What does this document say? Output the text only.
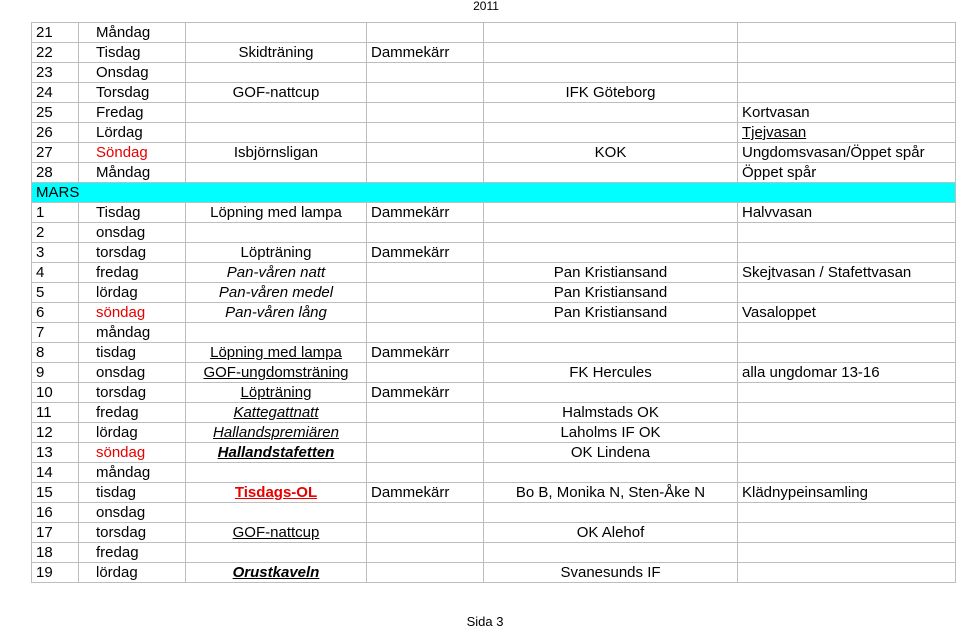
2011
21	Måndag				
22	Tisdag	Skidträning	Dammekärr		
23	Onsdag				
24	Torsdag	GOF-nattcup		IFK Göteborg	
25	Fredag				Kortvasan
26	Lördag				Tjejvasan
27	Söndag	Isbjörnsligan		KOK	Ungdomsvasan/Öppet spår
28	Måndag				Öppet spår
MARS					
1	Tisdag	Löpning med lampa	Dammekärr		Halvvasan
2	onsdag				
3	torsdag	Löpträning	Dammekärr		
4	fredag	Pan-våren natt		Pan Kristiansand	Skejtvasan / Stafettvasan
5	lördag	Pan-våren medel		Pan Kristiansand	
6	söndag	Pan-våren lång		Pan Kristiansand	Vasaloppet
7	måndag				
8	tisdag	Löpning med lampa	Dammekärr		
9	onsdag	GOF-ungdomsträning		FK Hercules	alla ungdomar 13-16
10	torsdag	Löpträning	Dammekärr		
11	fredag	Kattegattnatt		Halmstads OK	
12	lördag	Hallandspremiären		Laholms IF OK	
13	söndag	Hallandstafetten		OK Lindena	
14	måndag				
15	tisdag	Tisdags-OL	Dammekärr	Bo B, Monika N, Sten-Åke N	Klädnypeinsamling
16	onsdag				
17	torsdag	GOF-nattcup		OK Alehof	
18	fredag				
19	lördag	Orustkaveln		Svanesunds IF	
Sida 3
